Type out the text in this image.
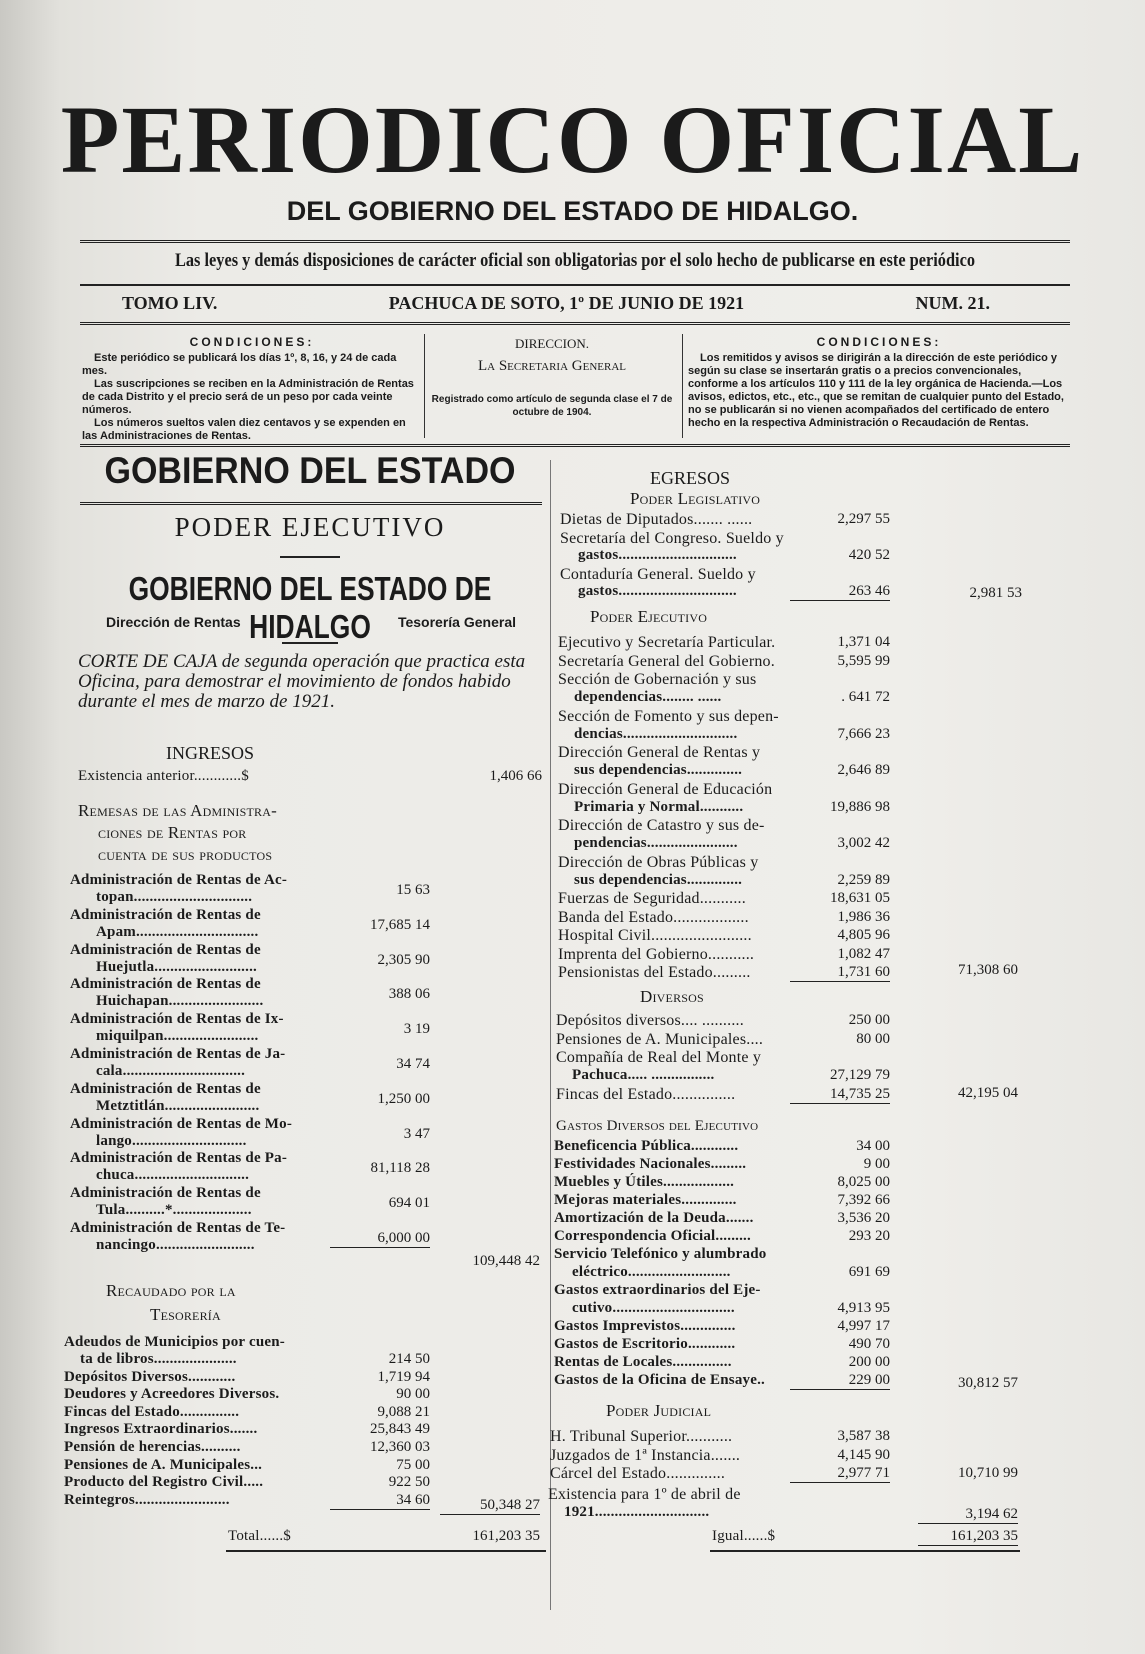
PERIODICO OFICIAL
DEL GOBIERNO DEL ESTADO DE HIDALGO.
Las leyes y demás disposiciones de carácter oficial son obligatorias por el solo hecho de publicarse en este periódico
TOMO LIV.	PACHUCA DE SOTO, 1º DE JUNIO DE 1921	NUM. 21.
CONDICIONES:

Este periódico se publicará los días 1º, 8, 16, y 24 de cada mes.

Las suscripciones se reciben en la Administración de Rentas de cada Distrito y el precio será de un peso por cada veinte números.

Los números sueltos valen diez centavos y se expenden en las Administraciones de Rentas.

DIRECCION.
La Secretaria General
Registrado como artículo de segunda clase el 7 de octubre de 1904.
CONDICIONES:

Los remitidos y avisos se dirigirán a la dirección de este periódico y según su clase se insertarán gratis o a precios convencionales, conforme a los artículos 110 y 111 de la ley orgánica de Hacienda.—Los avisos, edictos, etc., etc., que se remitan de cualquier punto del Estado, no se publicarán si no vienen acompañados del certificado de entero hecho en la respectiva Administración o Recaudación de Rentas.

GOBIERNO DEL ESTADO
PODER EJECUTIVO
GOBIERNO DEL ESTADO DE HIDALGO
Dirección de Rentas	Tesorería General
CORTE DE CAJA de segunda operación que practica esta Oficina, para demostrar el movimiento de fondos habido durante el mes de marzo de 1921.
INGRESOS
EGRESOS
Existencia anterior............$	1,406 66
Remesas de las Administra-
ciones de Rentas por
cuenta de sus productos
Administración de Rentas de Ac-
topan..............................	15 63
Administración de Rentas de
Apam...............................	17,685 14
Administración de Rentas de
Huejutla..........................	2,305 90
Administración de Rentas de
Huichapan........................	388 06
Administración de Rentas de Ix-
miquilpan........................	3 19
Administración de Rentas de Ja-
cala...............................	34 74
Administración de Rentas de
Metztitlán........................	1,250 00
Administración de Rentas de Mo-
lango.............................	3 47
Administración de Rentas de Pa-
chuca.............................	81,118 28
Administración de Rentas de
Tula..........*....................	694 01
Administración de Rentas de Te-
nancingo.........................	6,000 00
109,448 42
Recaudado por la
Tesorería
Adeudos de Municipios por cuen-
ta de libros.....................	214 50
Depósitos Diversos............	1,719 94
Deudores y Acreedores Diversos.	90 00
Fincas del Estado...............	9,088 21
Ingresos Extraordinarios.......	25,843 49
Pensión de herencias..........	12,360 03
Pensiones de A. Municipales...	75 00
Producto del Registro Civil.....	922 50
Reintegros........................	34 60	50,348 27
Total......$	161,203 35
Poder Legislativo
Dietas de Diputados....... ......	2,297 55
Secretaría del Congreso. Sueldo y
gastos..............................	420 52
Contaduría General. Sueldo y
gastos..............................	263 46	2,981 53
Poder Ejecutivo
Ejecutivo y Secretaría Particular.	1,371 04
Secretaría General del Gobierno.	5,595 99
Sección de Gobernación y sus
dependencias........ ......	. 641 72
Sección de Fomento y sus depen-
dencias.............................	7,666 23
Dirección General de Rentas y
sus dependencias..............	2,646 89
Dirección General de Educación
Primaria y Normal...........	19,886 98
Dirección de Catastro y sus de-
pendencias.......................	3,002 42
Dirección de Obras Públicas y
sus dependencias..............	2,259 89
Fuerzas de Seguridad...........	18,631 05
Banda del Estado..................	1,986 36
Hospital Civil........................	4,805 96
Imprenta del Gobierno...........	1,082 47
Pensionistas del Estado.........	1,731 60	71,308 60
Diversos
Depósitos diversos.... ..........	250 00
Pensiones de A. Municipales....	80 00
Compañía de Real del Monte y
Pachuca..... ................	27,129 79
Fincas del Estado...............	14,735 25	42,195 04
Gastos Diversos del Ejecutivo
Beneficencia Pública............	34 00
Festividades Nacionales.........	9 00
Muebles y Útiles..................	8,025 00
Mejoras materiales..............	7,392 66
Amortización de la Deuda.......	3,536 20
Correspondencia Oficial.........	293 20
Servicio Telefónico y alumbrado
eléctrico..........................	691 69
Gastos extraordinarios del Eje-
cutivo...............................	4,913 95
Gastos Imprevistos..............	4,997 17
Gastos de Escritorio............	490 70
Rentas de Locales...............	200 00
Gastos de la Oficina de Ensaye..	229 00	30,812 57
Poder Judicial
H. Tribunal Superior...........	3,587 38
Juzgados de 1ª Instancia.......	4,145 90
Cárcel del Estado..............	2,977 71	10,710 99
Existencia para 1º de abril de
1921.............................	3,194 62
Igual......$	161,203 35
